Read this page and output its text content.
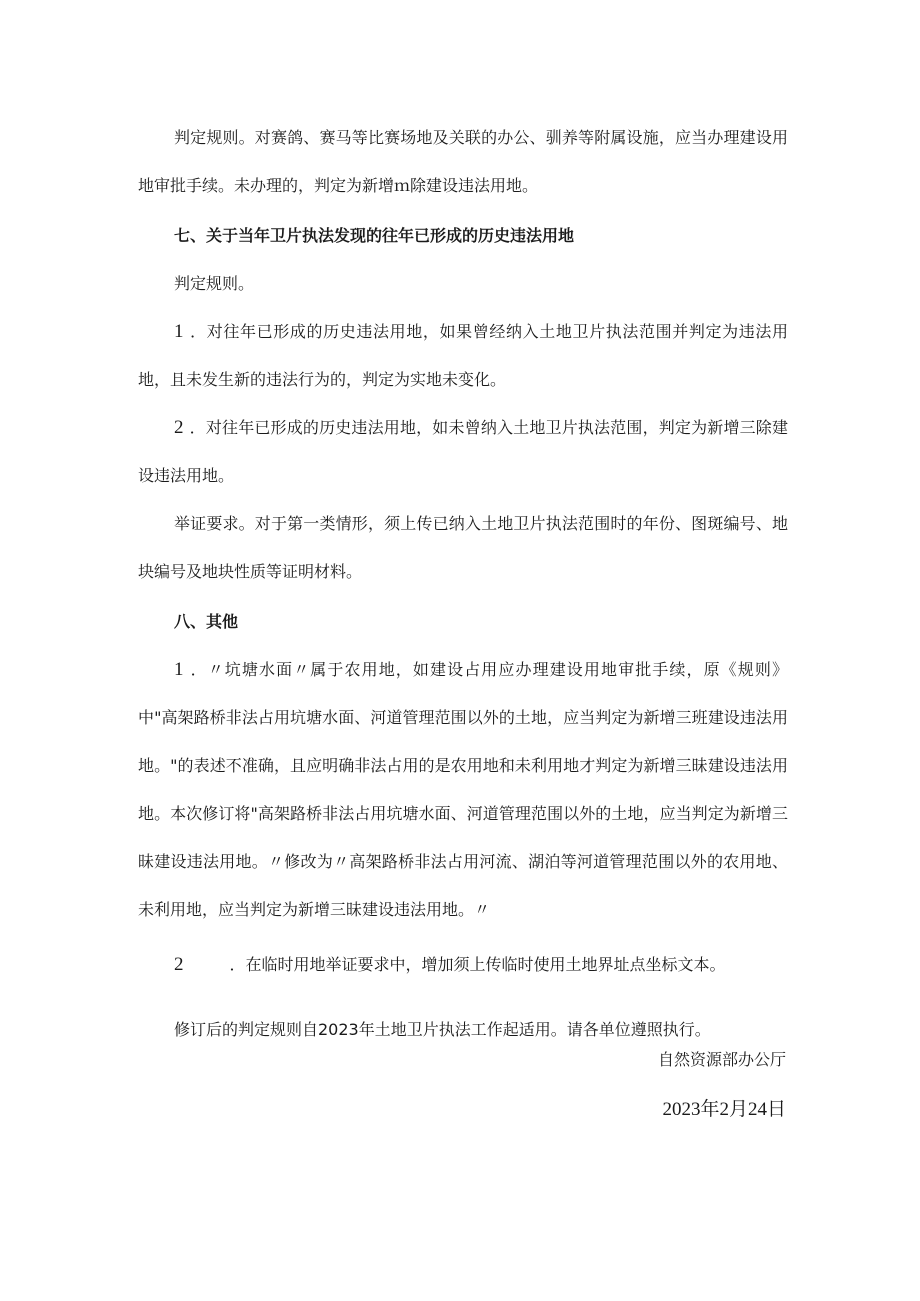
判定规则。对赛鸽、赛马等比赛场地及关联的办公、驯养等附属设施，应当办理建设用地审批手续。未办理的，判定为新增ｍ除建设违法用地。

七、关于当年卫片执法发现的往年已形成的历史违法用地

判定规则。

1 ．对往年已形成的历史违法用地，如果曾经纳入土地卫片执法范围并判定为违法用地，且未发生新的违法行为的，判定为实地未变化。

2 ．对往年已形成的历史违法用地，如未曾纳入土地卫片执法范围，判定为新增三除建设违法用地。

举证要求。对于第一类情形，须上传已纳入土地卫片执法范围时的年份、图斑编号、地块编号及地块性质等证明材料。

八、其他

1 ．〃坑塘水面〃属于农用地，如建设占用应办理建设用地审批手续，原《规则》中"高架路桥非法占用坑塘水面、河道管理范围以外的土地，应当判定为新增三班建设违法用地。"的表述不准确，且应明确非法占用的是农用地和未利用地才判定为新增三昧建设违法用地。本次修订将"高架路桥非法占用坑塘水面、河道管理范围以外的土地，应当判定为新增三昧建设违法用地。〃修改为〃高架路桥非法占用河流、湖泊等河道管理范围以外的农用地、未利用地，应当判定为新增三昧建设违法用地。〃

2	．在临时用地举证要求中，增加须上传临时使用土地界址点坐标文本。

修订后的判定规则自2023年土地卫片执法工作起适用。请各单位遵照执行。

自然资源部办公厅
2023年2月24日
